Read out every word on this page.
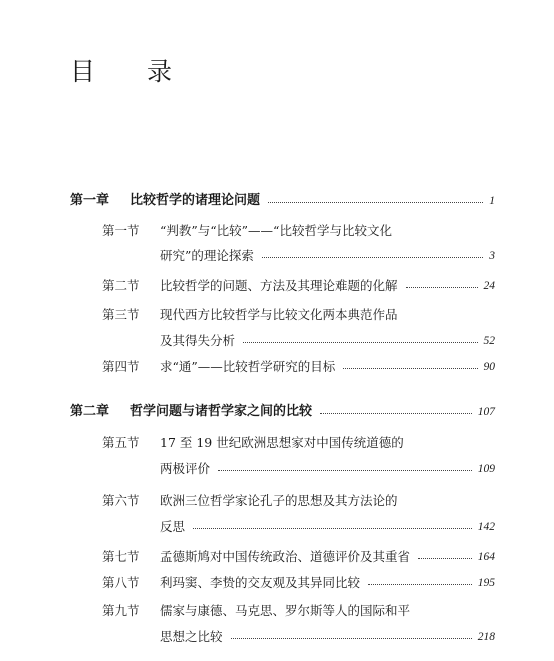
目 录
第一章 比较哲学的诸理论问题	1
第一节 “判教”与“比较”——“比较哲学与比较文化
研究”的理论探索	3
第二节 比较哲学的问题、方法及其理论难题的化解	24
第三节 现代西方比较哲学与比较文化两本典范作品
及其得失分析	52
第四节 求“通”——比较哲学研究的目标	90
第二章 哲学问题与诸哲学家之间的比较	107
第五节 17 至 19 世纪欧洲思想家对中国传统道德的
两极评价	109
第六节 欧洲三位哲学家论孔子的思想及其方法论的
反思	142
第七节 孟德斯鸠对中国传统政治、道德评价及其重省	164
第八节 利玛窦、李贽的交友观及其异同比较	195
第九节 儒家与康德、马克思、罗尔斯等人的国际和平
思想之比较	218
